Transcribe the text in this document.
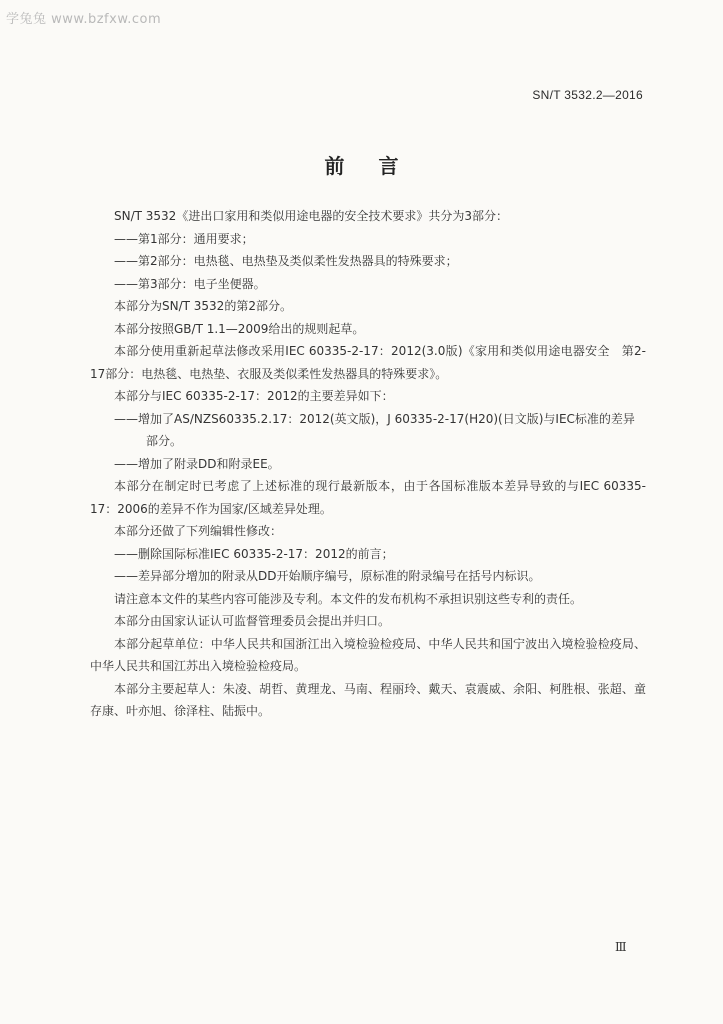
学兔兔 www.bzfxw.com
SN/T 3532.2—2016
前言

SN/T 3532《进出口家用和类似用途电器的安全技术要求》共分为3部分：

——第1部分：通用要求；

——第2部分：电热毯、电热垫及类似柔性发热器具的特殊要求；

——第3部分：电子坐便器。

本部分为SN/T 3532的第2部分。

本部分按照GB/T 1.1—2009给出的规则起草。

本部分使用重新起草法修改采用IEC 60335-2-17：2012(3.0版)《家用和类似用途电器安全　第2-17部分：电热毯、电热垫、衣服及类似柔性发热器具的特殊要求》。

本部分与IEC 60335-2-17：2012的主要差异如下：

——增加了AS/NZS60335.2.17：2012(英文版)，J 60335-2-17(H20)(日文版)与IEC标准的差异部分。

——增加了附录DD和附录EE。

本部分在制定时已考虑了上述标准的现行最新版本，由于各国标准版本差异导致的与IEC 60335-17：2006的差异不作为国家/区域差异处理。

本部分还做了下列编辑性修改：

——删除国际标准IEC 60335-2-17：2012的前言；

——差异部分增加的附录从DD开始顺序编号，原标准的附录编号在括号内标识。

请注意本文件的某些内容可能涉及专利。本文件的发布机构不承担识别这些专利的责任。

本部分由国家认证认可监督管理委员会提出并归口。

本部分起草单位：中华人民共和国浙江出入境检验检疫局、中华人民共和国宁波出入境检验检疫局、中华人民共和国江苏出入境检验检疫局。

本部分主要起草人：朱凌、胡哲、黄理龙、马南、程丽玲、戴天、袁震威、余阳、柯胜根、张超、童存康、叶亦旭、徐泽柱、陆振中。

Ⅲ
